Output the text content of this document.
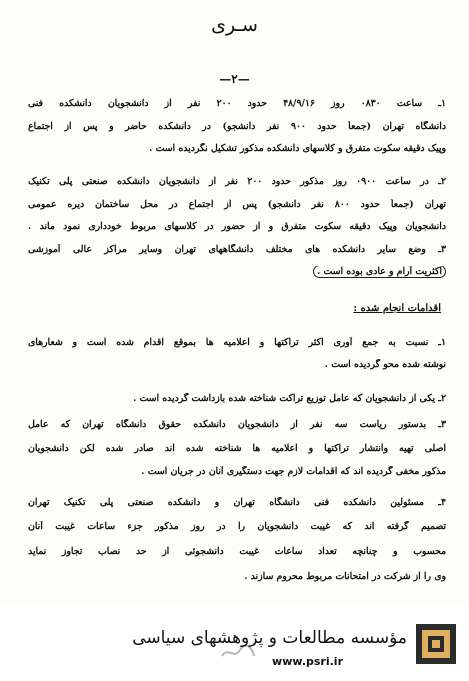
سـری
—۲—
۱ـ ساعت ۰۸۳۰ روز ۴۸/۹/۱۶ حدود ۲۰۰ نفر از دانشجویان دانشکده فنی
دانشگاه تهران (جمعاً حدود ۹۰۰ نفر دانشجو) در دانشکده حاضر و پس از اجتماع
وپیک دقیقه سکوت متفرق و کلاسهای دانشکده مذکور تشکیل نگردیده است .
۲ـ در ساعت ۰۹۰۰ روز مذکور حدود ۲۰۰ نفر از دانشجویان دانشکده صنعتی پلی تکنیک
تهران (جمعاً حدود ۸۰۰ نفر دانشجو) پس از اجتماع در محل ساختمان دیره عمومی
دانشجویان وپیک دقیقه سکوت متفرق و از حضور در کلاسهای مربوط خودداری نمود ماند .
۳ـ وضع سایر دانشکده های مختلف دانشگاههای تهران وسایر مراکز عالی آموزشی
اکثریت آرام و عادی بوده است .
اقدامات انجام شده :
۱ـ نسبت به جمع آوری اکثر تراکتها و اعلامیه ها بموقع اقدام شده است و شعارهای
نوشته شده محو گردیده است .
۲ـ یکی از دانشجویان که عامل توزیع تراکت شناخته شده بازداشت گردیده است .
۳ـ بدستور ریاست سه نفر از دانشجویان دانشکده حقوق دانشگاه تهران که عامل
اصلی تهیه وانتشار تراکتها و اعلامیه ها شناخته شده اند صادر شده لکن دانشجویان
مذکور مخفی گردیده اند که اقدامات لازم جهت دستگیری آنان در جریان است .
۴ـ مسئولین دانشکده فنی دانشگاه تهران و دانشکده صنعتی پلی تکنیک تهران
تصمیم گرفته اند که غیبت دانشجویان را در روز مذکور جزء ساعات غیبت آنان
محسوب و چنانچه تعداد ساعات غیبت دانشجوئی از حد نصاب تجاوز نماید
وی را از شرکت در امتحانات مربوط محروم سازند .
مؤسسه مطالعات و پژوهشهای سیاسی
www.psri.ir
